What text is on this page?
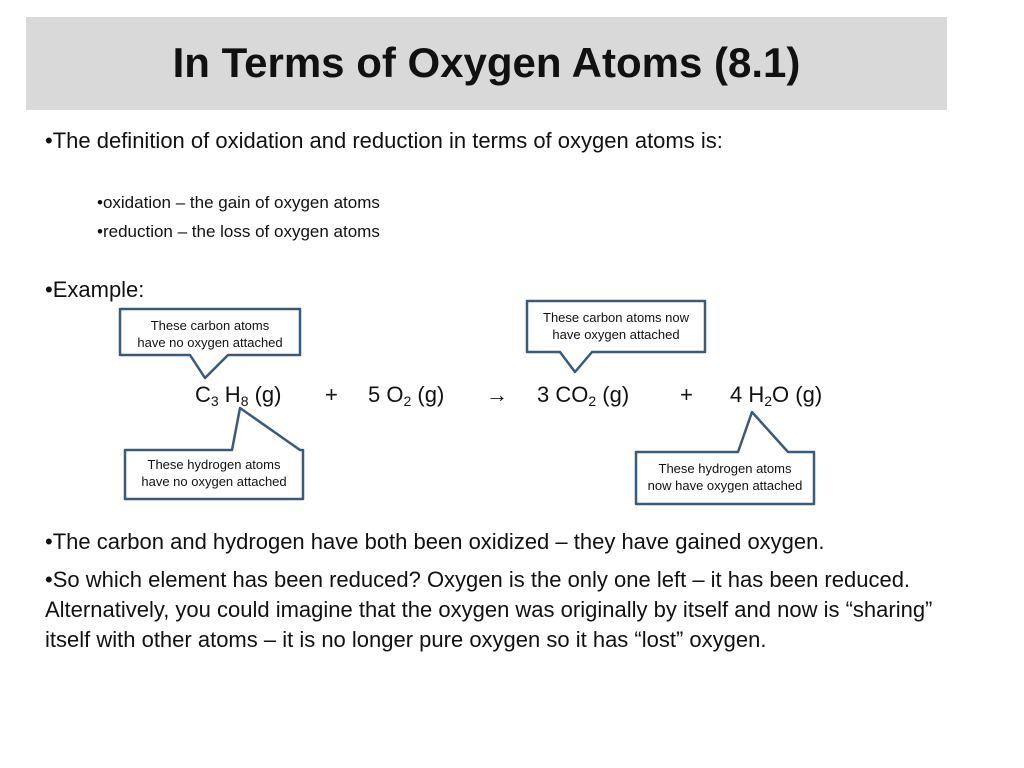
In Terms of Oxygen Atoms (8.1)
•The definition of oxidation and reduction in terms of oxygen atoms is:
•oxidation – the gain of oxygen atoms
•reduction – the loss of oxygen atoms
•Example:
These carbon atoms
have no oxygen attached
These carbon atoms now
have oxygen attached
These hydrogen atoms
have no oxygen attached
These hydrogen atoms
now have oxygen attached
$C_3$ $H_8$ (g) + 5 $O_2$ (g) → 3 $CO_2$ (g) + 4 $H_2O$ (g)
•The carbon and hydrogen have both been oxidized – they have gained oxygen.
•So which element has been reduced? Oxygen is the only one left – it has been reduced. Alternatively, you could imagine that the oxygen was originally by itself and now is “sharing” itself with other atoms – it is no longer pure oxygen so it has “lost” oxygen.
